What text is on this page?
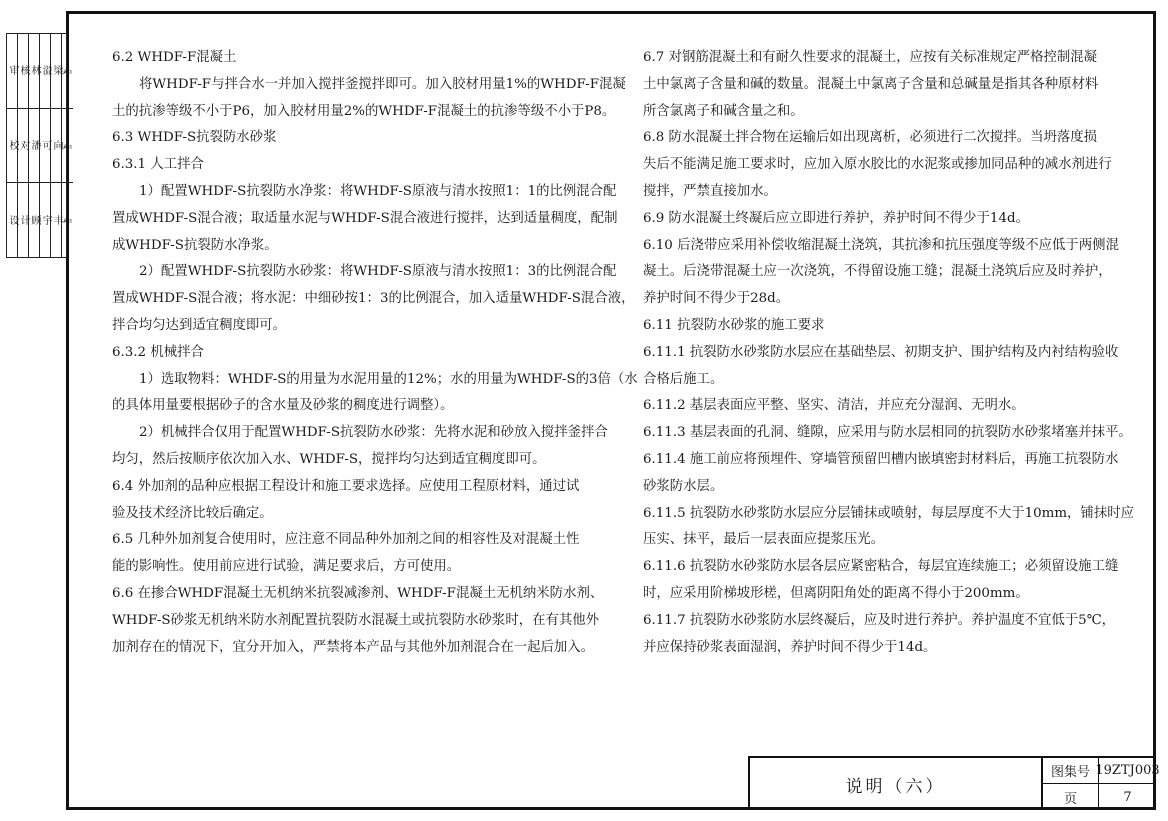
审
校
设
核
对
计
林
潘
顾
溢
可
宇
梁
向
丰
✍
✍
✍

6.2 WHDF-F混凝土

将WHDF-F与拌合水一并加入搅拌釜搅拌即可。加入胶材用量1%的WHDF-F混凝

土的抗渗等级不小于P6，加入胶材用量2%的WHDF-F混凝土的抗渗等级不小于P8。

6.3 WHDF-S抗裂防水砂浆

6.3.1 人工拌合

1）配置WHDF-S抗裂防水净浆：将WHDF-S原液与清水按照1：1的比例混合配

置成WHDF-S混合液；取适量水泥与WHDF-S混合液进行搅拌，达到适量稠度，配制

成WHDF-S抗裂防水净浆。

2）配置WHDF-S抗裂防水砂浆：将WHDF-S原液与清水按照1：3的比例混合配

置成WHDF-S混合液；将水泥：中细砂按1：3的比例混合，加入适量WHDF-S混合液，

拌合均匀达到适宜稠度即可。

6.3.2 机械拌合

1）选取物料：WHDF-S的用量为水泥用量的12%；水的用量为WHDF-S的3倍（水

的具体用量要根据砂子的含水量及砂浆的稠度进行调整）。

2）机械拌合仅用于配置WHDF-S抗裂防水砂浆：先将水泥和砂放入搅拌釜拌合

均匀，然后按顺序依次加入水、WHDF-S，搅拌均匀达到适宜稠度即可。

6.4 外加剂的品种应根据工程设计和施工要求选择。应使用工程原材料，通过试

验及技术经济比较后确定。

6.5 几种外加剂复合使用时，应注意不同品种外加剂之间的相容性及对混凝土性

能的影响性。使用前应进行试验，满足要求后，方可使用。

6.6 在掺合WHDF混凝土无机纳米抗裂减渗剂、WHDF-F混凝土无机纳米防水剂、

WHDF-S砂浆无机纳米防水剂配置抗裂防水混凝土或抗裂防水砂浆时，在有其他外

加剂存在的情况下，宜分开加入，严禁将本产品与其他外加剂混合在一起后加入。

6.7 对钢筋混凝土和有耐久性要求的混凝土，应按有关标准规定严格控制混凝

土中氯离子含量和碱的数量。混凝土中氯离子含量和总碱量是指其各种原材料

所含氯离子和碱含量之和。

6.8 防水混凝土拌合物在运输后如出现离析，必须进行二次搅拌。当坍落度损

失后不能满足施工要求时，应加入原水胶比的水泥浆或掺加同品种的减水剂进行

搅拌，严禁直接加水。

6.9 防水混凝土终凝后应立即进行养护，养护时间不得少于14d。

6.10 后浇带应采用补偿收缩混凝土浇筑，其抗渗和抗压强度等级不应低于两侧混

凝土。后浇带混凝土应一次浇筑，不得留设施工缝；混凝土浇筑后应及时养护，

养护时间不得少于28d。

6.11 抗裂防水砂浆的施工要求

6.11.1 抗裂防水砂浆防水层应在基础垫层、初期支护、围护结构及内衬结构验收

合格后施工。

6.11.2 基层表面应平整、坚实、清洁，并应充分湿润、无明水。

6.11.3 基层表面的孔洞、缝隙，应采用与防水层相同的抗裂防水砂浆堵塞并抹平。

6.11.4 施工前应将预埋件、穿墙管预留凹槽内嵌填密封材料后，再施工抗裂防水

砂浆防水层。

6.11.5 抗裂防水砂浆防水层应分层铺抹或喷射，每层厚度不大于10mm，铺抹时应

压实、抹平，最后一层表面应提浆压光。

6.11.6 抗裂防水砂浆防水层各层应紧密粘合，每层宜连续施工；必须留设施工缝

时，应采用阶梯坡形槎，但离阴阳角处的距离不得小于200mm。

6.11.7 抗裂防水砂浆防水层终凝后，应及时进行养护。养护温度不宜低于5℃，

并应保持砂浆表面湿润，养护时间不得少于14d。

说明（六）
图集号 19ZTJ003
页	7
